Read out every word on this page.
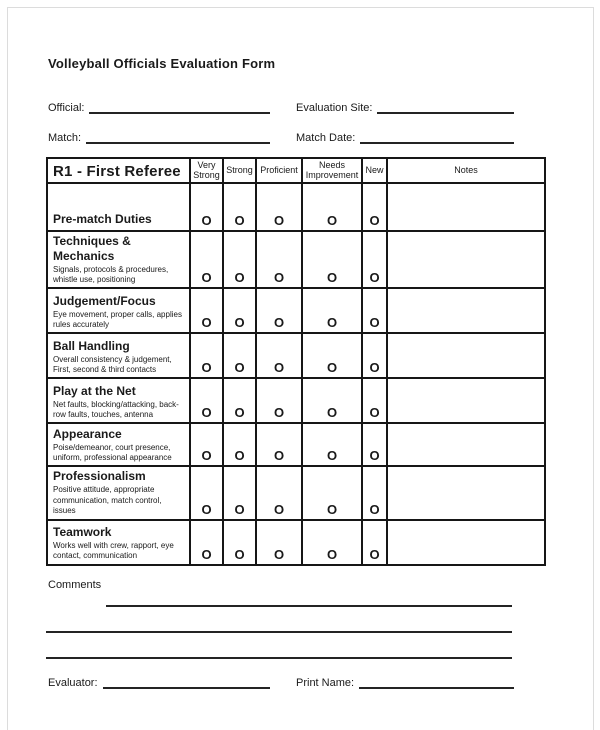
Volleyball Officials Evaluation Form
Official:	Evaluation Site:
Match:	Match Date:
R1 - First Referee	Very Strong	Strong	Proficient	Needs Improvement	New	Notes

Pre-match Duties	O	O	O	O	O	

Techniques & Mechanics
Signals, protocols & procedures, whistle use, positioning	O	O	O	O	O	

Judgement/Focus
Eye movement, proper calls, applies rules accurately	O	O	O	O	O	

Ball Handling
Overall consistency & judgement, First, second & third contacts	O	O	O	O	O	

Play at the Net
Net faults, blocking/attacking, back-row faults, touches, antenna	O	O	O	O	O	

Appearance
Poise/demeanor, court presence, uniform, professional appearance	O	O	O	O	O	

Professionalism
Positive attitude, appropriate communication, match control, issues	O	O	O	O	O	

Teamwork
Works well with crew, rapport, eye contact, communication	O	O	O	O	O	
Comments
Evaluator:	Print Name:
